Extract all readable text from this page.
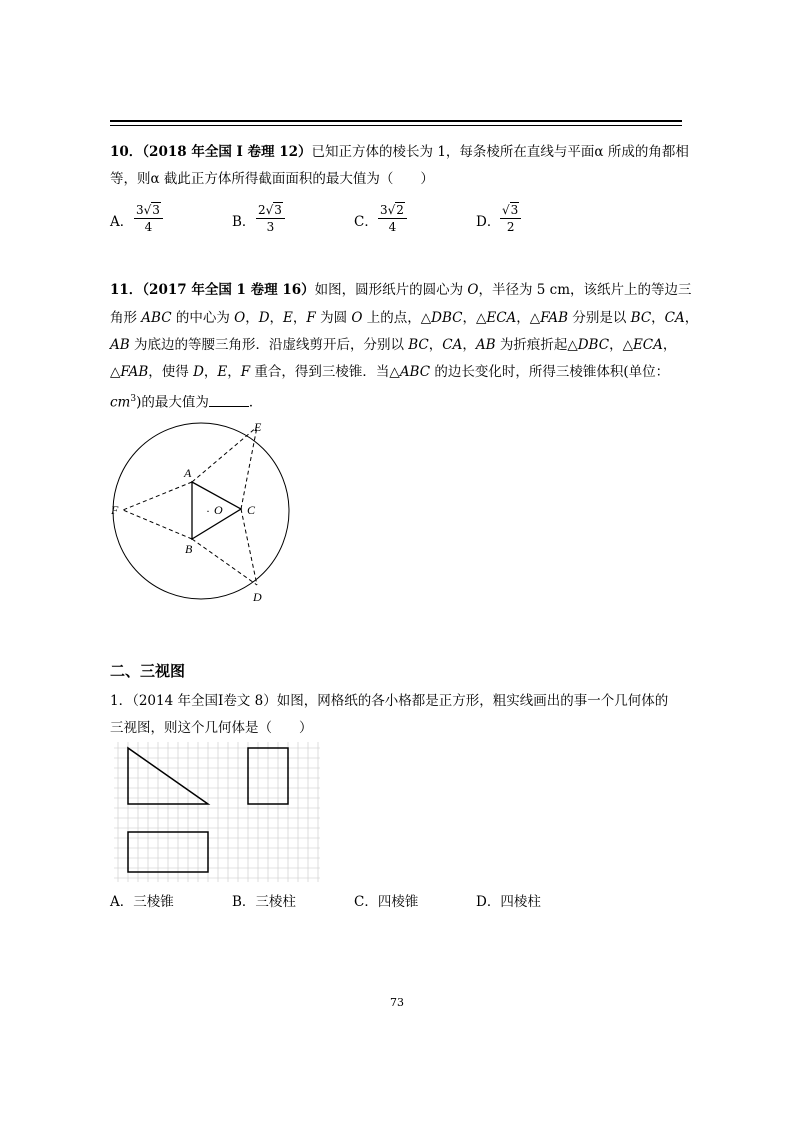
10．（2018 年全国 I 卷理 12）已知正方体的棱长为 1，每条棱所在直线与平面α 所成的角都相
等，则α 截此正方体所得截面面积的最大值为（　　）
A． $\frac{3√3}{4}$	B． $\frac{2√3}{3}$	C． $\frac{3√2}{4}$	D． $\frac{√3}{2}$
11．（2017 年全国 1 卷理 16）如图，圆形纸片的圆心为 O，半径为 5 cm，该纸片上的等边三
角形 ABC 的中心为 O，D，E，F 为圆 O 上的点，△DBC，△ECA，△FAB 分别是以 BC，CA，
AB 为底边的等腰三角形．沿虚线剪开后，分别以 BC，CA，AB 为折痕折起△DBC，△ECA，
△FAB，使得 D，E，F 重合，得到三棱锥．当△ABC 的边长变化时，所得三棱锥体积(单位：
$cm^3$)的最大值为	．
A
B
C
· O
D
E
F
二、三视图
1．（2014 年全国Ⅰ卷文 8）如图，网格纸的各小格都是正方形，粗实线画出的事一个几何体的
三视图，则这个几何体是（　　）
A．三棱锥	B．三棱柱	C．四棱锥	D．四棱柱
73
